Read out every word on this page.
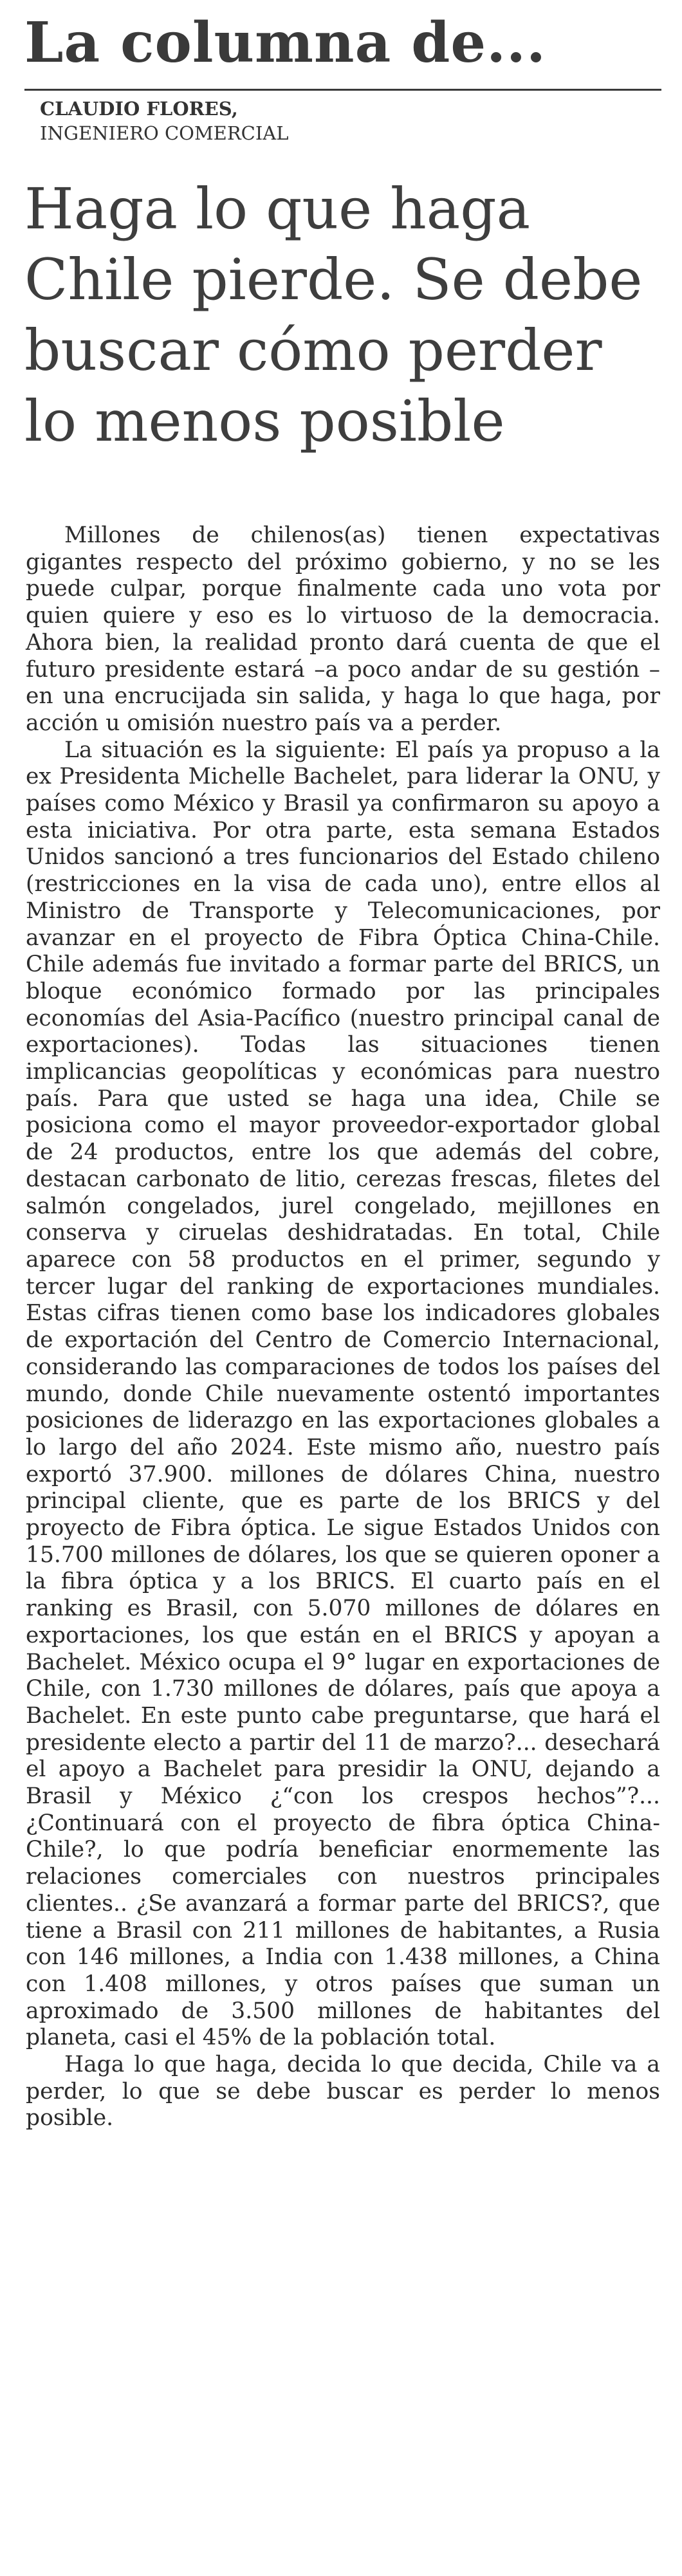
La columna de...
CLAUDIO FLORES,
INGENIERO COMERCIAL
Haga lo que haga
Chile pierde. Se debe
buscar cómo perder
lo menos posible

Millones de chilenos(as) tienen expectativas gigantes respecto del próximo gobierno, y no se les puede culpar, porque finalmente cada uno vota por quien quiere y eso es lo virtuoso de la democracia. Ahora bien, la realidad pronto dará cuenta de que el futuro presidente estará –a poco andar de su gestión – en una encrucijada sin salida, y haga lo que haga, por acción u omisión nuestro país va a perder.

La situación es la siguiente: El país ya propuso a la ex Presidenta Michelle Bachelet, para liderar la ONU, y países como México y Brasil ya confirmaron su apoyo a esta iniciativa. Por otra parte, esta semana Estados Unidos sancionó a tres funcionarios del Estado chileno (restricciones en la visa de cada uno), entre ellos al Ministro de Transporte y Telecomunicaciones, por avanzar en el proyecto de Fibra Óptica China-Chile. Chile además fue invitado a formar parte del BRICS, un bloque económico formado por las principales economías del Asia-Pacífico (nuestro principal canal de exportaciones). Todas las situaciones tienen implicancias geopolíticas y económicas para nuestro país. Para que usted se haga una idea, Chile se posiciona como el mayor proveedor-exportador global de 24 productos, entre los que además del cobre, destacan carbonato de litio, cerezas frescas, filetes del salmón congelados, jurel congelado, mejillones en conserva y ciruelas deshidratadas. En total, Chile aparece con 58 productos en el primer, segundo y tercer lugar del ranking de exportaciones mundiales. Estas cifras tienen como base los indicadores globales de exportación del Centro de Comercio Internacional, considerando las comparaciones de todos los países del mundo, donde Chile nuevamente ostentó importantes posiciones de liderazgo en las exportaciones globales a lo largo del año 2024. Este mismo año, nuestro país exportó 37.900. millones de dólares China, nuestro principal cliente, que es parte de los BRICS y del proyecto de Fibra óptica. Le sigue Estados Unidos con 15.700 millones de dólares, los que se quieren oponer a la fibra óptica y a los BRICS. El cuarto país en el ranking es Brasil, con 5.070 millones de dólares en exportaciones, los que están en el BRICS y apoyan a Bachelet. México ocupa el 9° lugar en exportaciones de Chile, con 1.730 millones de dólares, país que apoya a Bachelet. En este punto cabe preguntarse, que hará el presidente electo a partir del 11 de marzo?... desechará el apoyo a Bachelet para presidir la ONU, dejando a Brasil y México ¿“con los crespos hechos”?... ¿Continuará con el proyecto de fibra óptica China-Chile?, lo que podría beneficiar enormemente las relaciones comerciales con nuestros principales clientes.. ¿Se avanzará a formar parte del BRICS?, que tiene a Brasil con 211 millones de habitantes, a Rusia con 146 millones, a India con 1.438 millones, a China con 1.408 millones, y otros países que suman un aproximado de 3.500 millones de habitantes del planeta, casi el 45% de la población total.

Haga lo que haga, decida lo que decida, Chile va a perder, lo que se debe buscar es perder lo menos posible.
